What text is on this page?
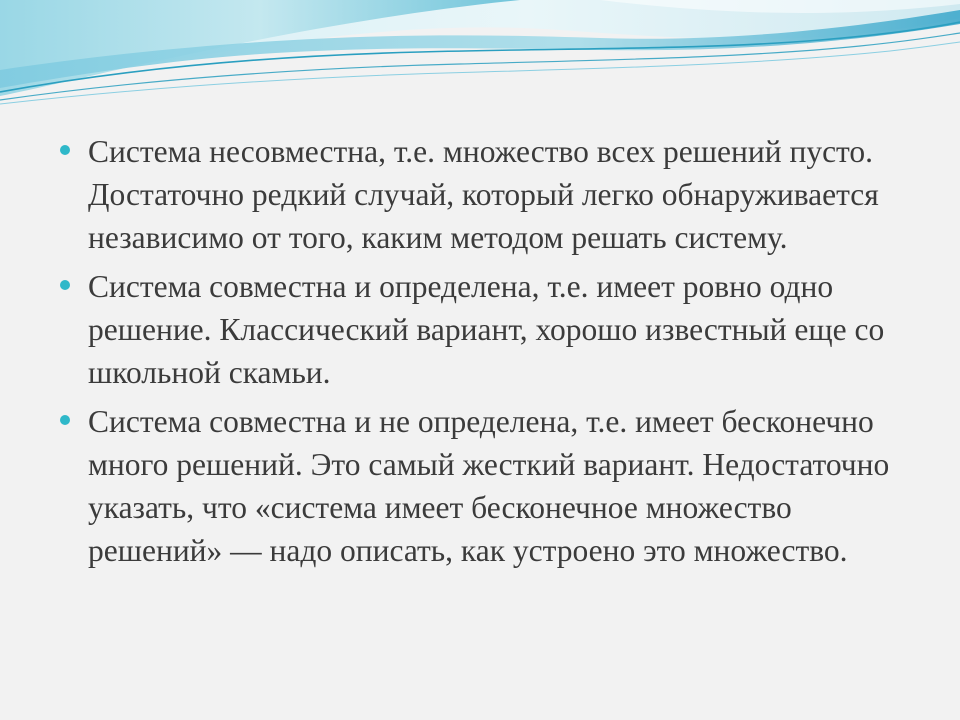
Система несовместна, т.е. множество всех решений пусто. Достаточно редкий случай, который легко обнаруживается независимо от того, каким методом решать систему.

Система совместна и определена, т.е. имеет ровно одно решение. Классический вариант, хорошо известный еще со школьной скамьи.

Система совместна и не определена, т.е. имеет бесконечно много решений. Это самый жесткий вариант. Недостаточно указать, что «система имеет бесконечное множество решений» — надо описать, как устроено это множество.
